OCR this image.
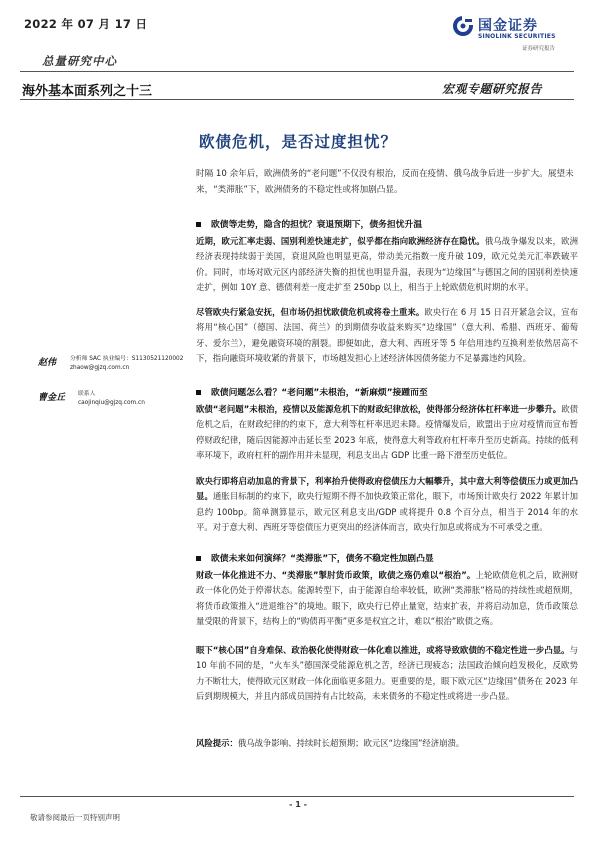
2022 年 07 月 17 日	国金证券
SINOLINK SECURITIES
证券研究报告
总量研究中心
海外基本面系列之十三	宏观专题研究报告
欧债危机，是否过度担忧？
时隔 10 余年后，欧洲债务的“老问题”不仅没有根治，反而在疫情、俄乌战争后进一步扩大。展望未来，“类滞胀”下，欧洲债务的不稳定性或将加剧凸显。
欧债等走势，隐含的担忧？衰退预期下，债务担忧升温
近期，欧元汇率走弱、国别利差快速走扩，似乎都在指向欧洲经济存在隐忧。俄乌战争爆发以来，欧洲经济表现持续弱于美国，衰退风险也明显更高，带动美元指数一度升破 109，欧元兑美元汇率跌破平价。同时，市场对欧元区内部经济失衡的担忧也明显升温，表现为“边缘国”与德国之间的国别利差快速走扩，例如 10Y 意、德债利差一度走扩至 250bp 以上，相当于上轮欧债危机时期的水平。
尽管欧央行紧急安抚，但市场仍担忧欧债危机或将卷土重来。欧央行在 6 月 15 日召开紧急会议，宣布将用“核心国”（德国、法国、荷兰）的到期债券收益来购买“边缘国”（意大利、希腊、西班牙、葡萄牙、爱尔兰），避免融资环境的割裂。即便如此，意大利、西班牙等 5 年信用违约互换利差依然居高不下，指向融资环境收紧的背景下，市场越发担心上述经济体因债务能力不足暴露违约风险。
赵伟	分析师 SAC 执业编号：S1130521120002
zhaow@gjzq.com.cn
曹金丘	联系人
caojinqiu@gjzq.com.cn
欧债问题怎么看？“老问题”未根治，“新麻烦”接踵而至
欧债“老问题”未根治，疫情以及能源危机下的财政纪律放松，使得部分经济体杠杆率进一步攀升。欧债危机之后，在财政纪律的约束下，意大利等杠杆率迅迟未降。疫情爆发后，欧盟出于应对疫情而宣布暂停财政纪律，随后因能源冲击延长至 2023 年底，使得意大利等政府杠杆率升至历史新高。持续的低利率环境下，政府杠杆的副作用并未显现，利息支出占 GDP 比重一路下滑至历史低位。
欧央行即将启动加息的背景下，利率抬升使得政府偿债压力大幅攀升，其中意大利等偿债压力或更加凸显。通胀目标制的约束下，欧央行短期不得不加快政策正常化，眼下，市场预计欧央行 2022 年累计加息约 100bp。简单测算显示，欧元区利息支出/GDP 或将提升 0.8 个百分点，相当于 2014 年的水平。对于意大利、西班牙等偿债压力更突出的经济体而言，欧央行加息或将成为不可承受之重。
欧债未来如何演绎？“类滞胀”下，债务不稳定性加剧凸显
财政一体化推进不力、“类滞胀”掣肘货币政策，欧债之殇仍难以“根治”。上轮欧债危机之后，欧洲财政一体化仍处于停滞状态。能源转型下，由于能源自给率较低，欧洲“类滞胀”格局的持续性或超预期，将货币政策推入“进退维谷”的境地。眼下，欧央行已停止量宽，结束扩表，并将启动加息，货币政策总量受限的背景下，结构上的“购债再平衡”更多是权宜之计，难以“根治”欧债之殇。
眼下“核心国”自身难保、政治极化使得财政一体化难以推进，或将导致欧债的不稳定性进一步凸显。与 10 年前不同的是，“火车头”德国深受能源危机之苦，经济已现疲态；法国政治倾向趋发极化，反欧势力不断壮大，使得欧元区财政一体化面临更多阻力。更重要的是，眼下欧元区“边缘国”债务在 2023 年后到期规模大，并且内部成员国持有占比较高，未来债务的不稳定性或将进一步凸显。
风险提示：俄乌战争影响、持续时长超预期；欧元区“边缘国”经济崩溃。
- 1 -
敬请参阅最后一页特别声明
